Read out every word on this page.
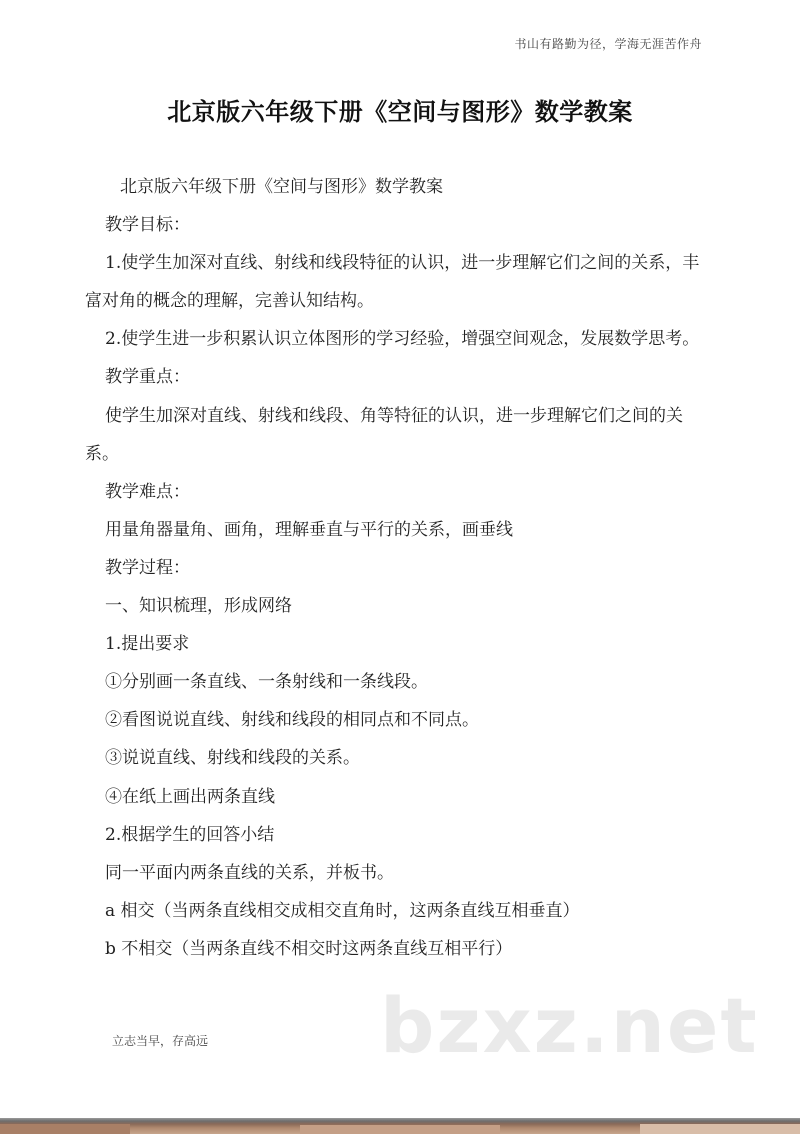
书山有路勤为径，学海无涯苦作舟
北京版六年级下册《空间与图形》数学教案

北京版六年级下册《空间与图形》数学教案

教学目标：

1.使学生加深对直线、射线和线段特征的认识，进一步理解它们之间的关系，丰富对角的概念的理解，完善认知结构。

2.使学生进一步积累认识立体图形的学习经验，增强空间观念，发展数学思考。

教学重点：

使学生加深对直线、射线和线段、角等特征的认识，进一步理解它们之间的关系。

教学难点：

用量角器量角、画角，理解垂直与平行的关系，画垂线

教学过程：

一、知识梳理，形成网络

1.提出要求

①分别画一条直线、一条射线和一条线段。

②看图说说直线、射线和线段的相同点和不同点。

③说说直线、射线和线段的关系。

④在纸上画出两条直线

2.根据学生的回答小结

同一平面内两条直线的关系，并板书。

a 相交（当两条直线相交成相交直角时，这两条直线互相垂直）

b 不相交（当两条直线不相交时这两条直线互相平行）

bzxz.net
立志当早，存高远
